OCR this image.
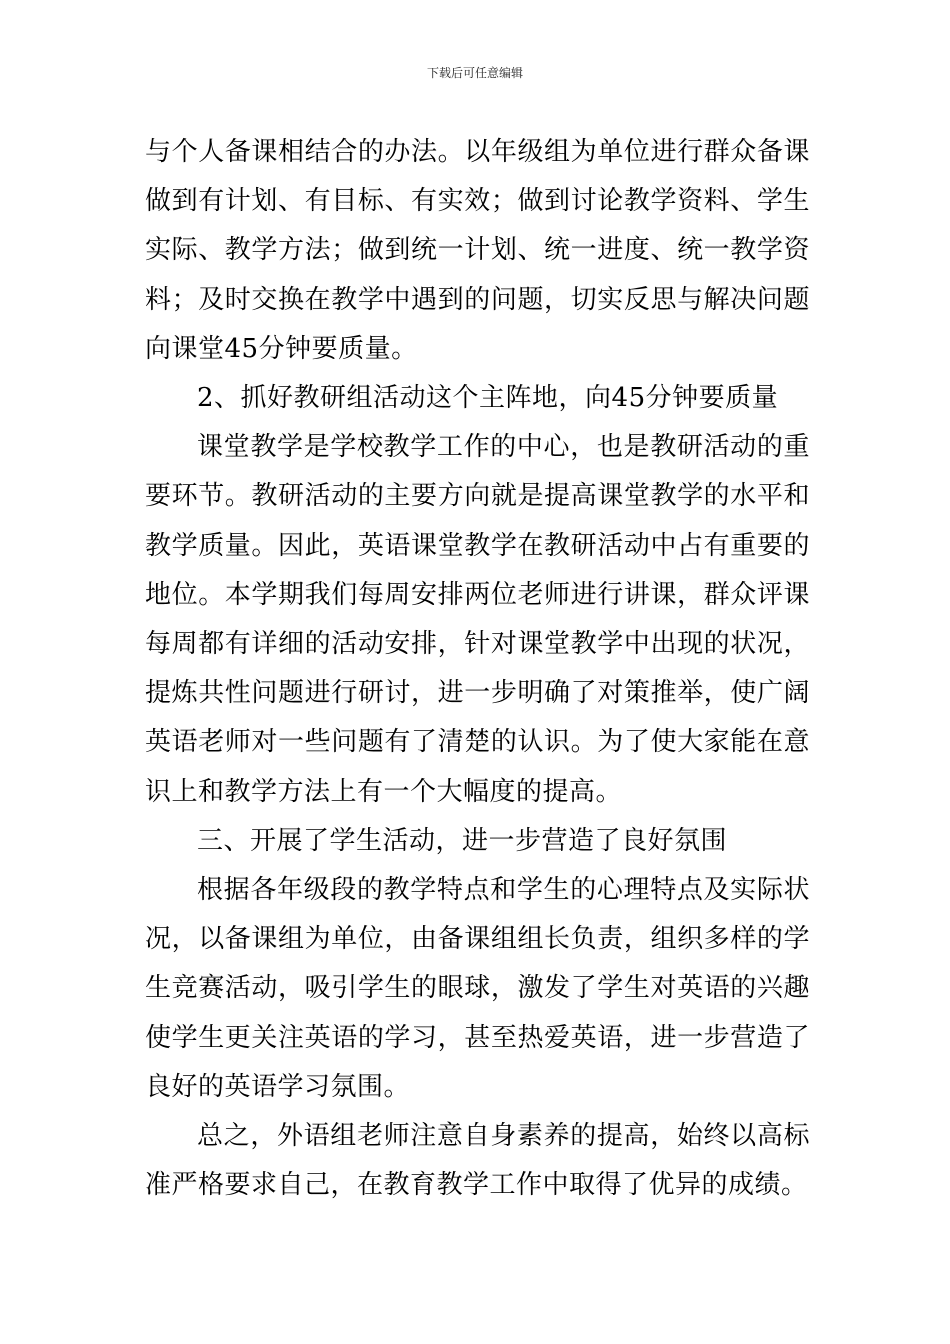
下载后可任意编辑

与个人备课相结合的办法。以年级组为单位进行群众备课做到有计划、有目标、有实效；做到讨论教学资料、学生实际、教学方法；做到统一计划、统一进度、统一教学资料；及时交换在教学中遇到的问题，切实反思与解决问题向课堂45分钟要质量。

2、抓好教研组活动这个主阵地，向45分钟要质量

课堂教学是学校教学工作的中心，也是教研活动的重要环节。教研活动的主要方向就是提高课堂教学的水平和教学质量。因此，英语课堂教学在教研活动中占有重要的地位。本学期我们每周安排两位老师进行讲课，群众评课每周都有详细的活动安排，针对课堂教学中出现的状况，提炼共性问题进行研讨，进一步明确了对策推举，使广阔英语老师对一些问题有了清楚的认识。为了使大家能在意识上和教学方法上有一个大幅度的提高。

三、开展了学生活动，进一步营造了良好氛围

根据各年级段的教学特点和学生的心理特点及实际状况，以备课组为单位，由备课组组长负责，组织多样的学生竞赛活动，吸引学生的眼球，激发了学生对英语的兴趣使学生更关注英语的学习，甚至热爱英语，进一步营造了良好的英语学习氛围。

总之，外语组老师注意自身素养的提高，始终以高标准严格要求自己，在教育教学工作中取得了优异的成绩。
